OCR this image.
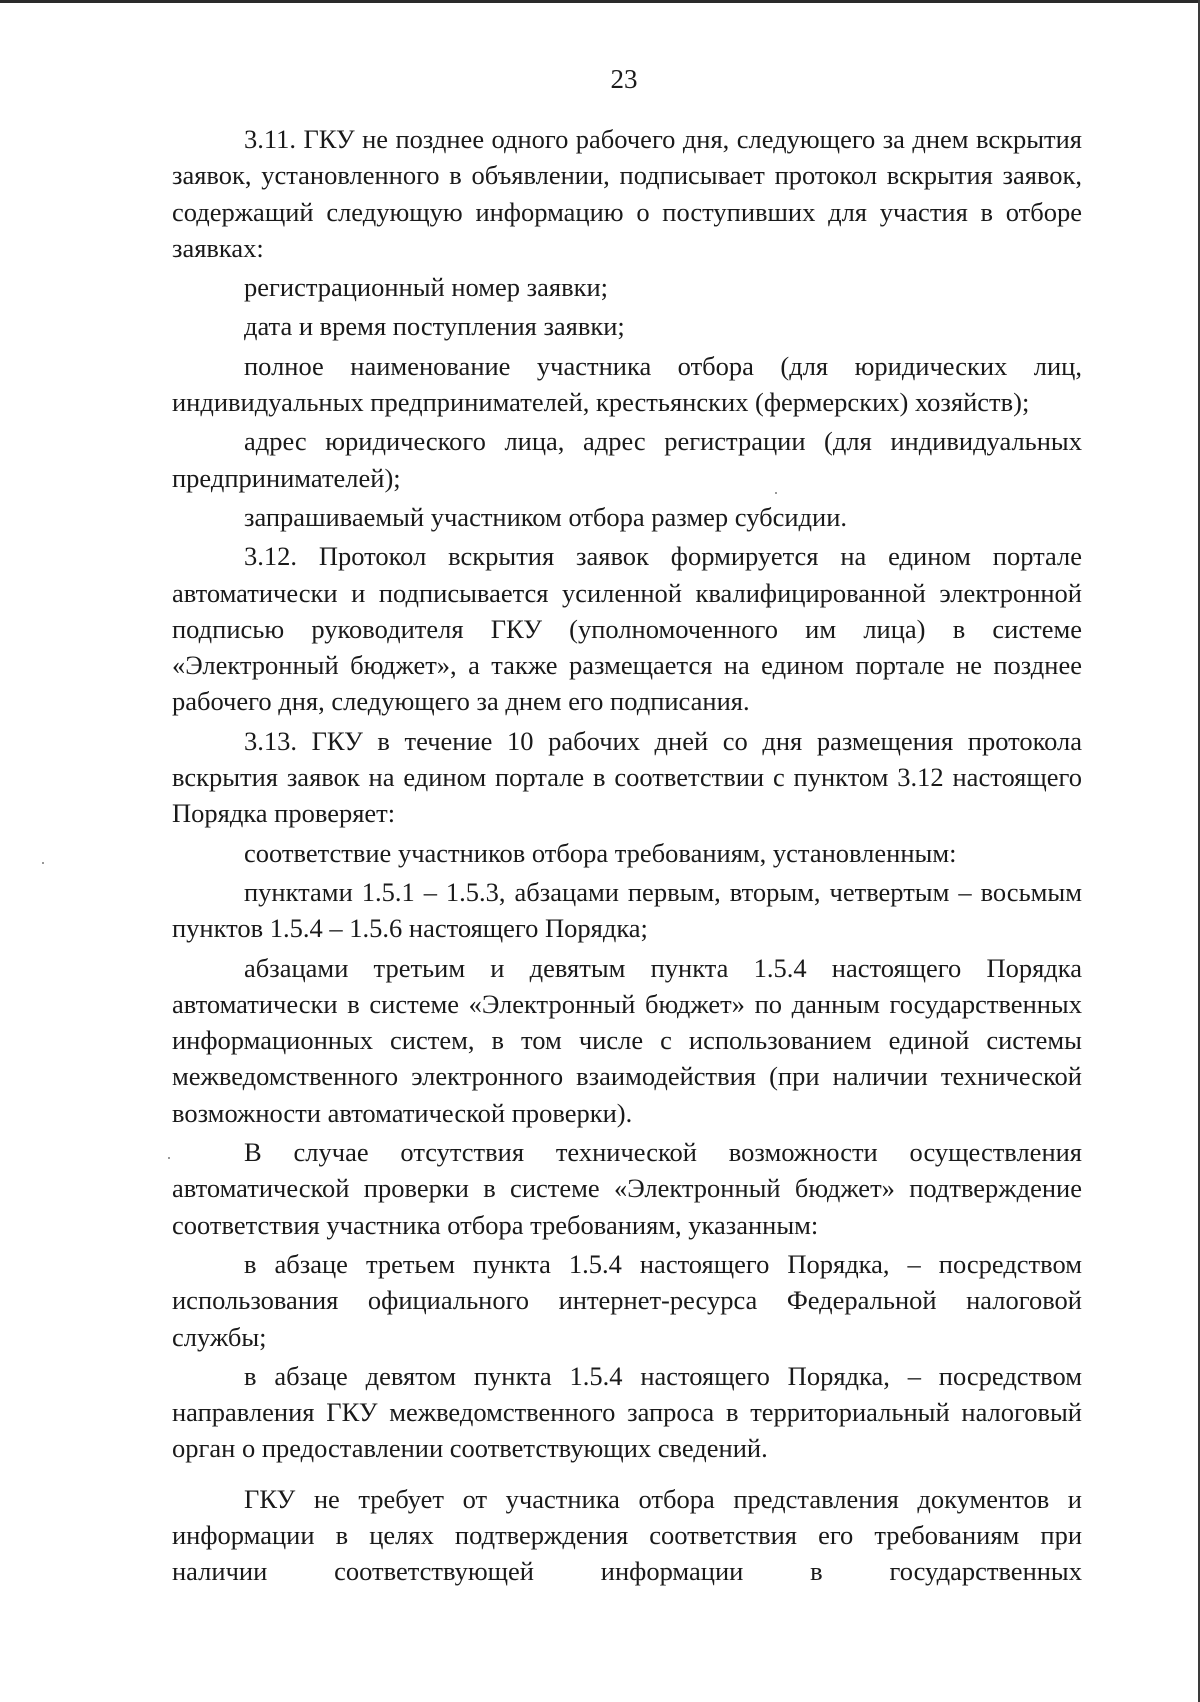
23

3.11. ГКУ не позднее одного рабочего дня, следующего за днем вскрытия заявок, установленного в объявлении, подписывает протокол вскрытия заявок, содержащий следующую информацию о поступивших для участия в отборе заявках:

регистрационный номер заявки;

дата и время поступления заявки;

полное наименование участника отбора (для юридических лиц, индивидуальных предпринимателей, крестьянских (фермерских) хозяйств);

адрес юридического лица, адрес регистрации (для индивидуальных предпринимателей);

запрашиваемый участником отбора размер субсидии.

3.12. Протокол вскрытия заявок формируется на едином портале автоматически и подписывается усиленной квалифицированной электронной подписью руководителя ГКУ (уполномоченного им лица) в системе «Электронный бюджет», а также размещается на едином портале не позднее рабочего дня, следующего за днем его подписания.

3.13. ГКУ в течение 10 рабочих дней со дня размещения протокола вскрытия заявок на едином портале в соответствии с пунктом 3.12 настоящего Порядка проверяет:

соответствие участников отбора требованиям, установленным:

пунктами 1.5.1 – 1.5.3, абзацами первым, вторым, четвертым – восьмым пунктов 1.5.4 – 1.5.6 настоящего Порядка;

абзацами третьим и девятым пункта 1.5.4 настоящего Порядка автоматически в системе «Электронный бюджет» по данным государственных информационных систем, в том числе с использованием единой системы межведомственного электронного взаимодействия (при наличии технической возможности автоматической проверки).

В случае отсутствия технической возможности осуществления автоматической проверки в системе «Электронный бюджет» подтверждение соответствия участника отбора требованиям, указанным:

в абзаце третьем пункта 1.5.4 настоящего Порядка, – посредством использования официального интернет-ресурса Федеральной налоговой службы;

в абзаце девятом пункта 1.5.4 настоящего Порядка, – посредством направления ГКУ межведомственного запроса в территориальный налоговый орган о предоставлении соответствующих сведений.

ГКУ не требует от участника отбора представления документов и информации в целях подтверждения соответствия его требованиям при наличии соответствующей информации в государственных
